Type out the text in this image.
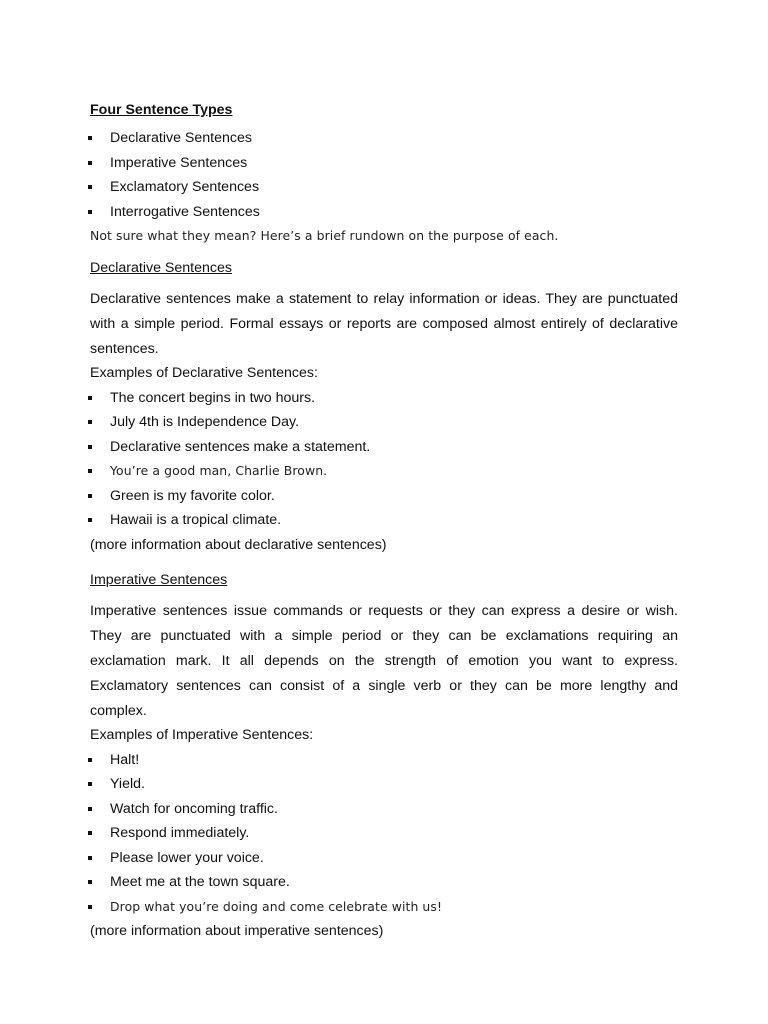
Four Sentence Types
Declarative Sentences
Imperative Sentences
Exclamatory Sentences
Interrogative Sentences

Not sure what they mean? Here’s a brief rundown on the purpose of each.

Declarative Sentences

Declarative sentences make a statement to relay information or ideas. They are punctuated with a simple period. Formal essays or reports are composed almost entirely of declarative sentences.

Examples of Declarative Sentences:

The concert begins in two hours.
July 4th is Independence Day.
Declarative sentences make a statement.
You’re a good man, Charlie Brown.
Green is my favorite color.
Hawaii is a tropical climate.

(more information about declarative sentences)

Imperative Sentences

Imperative sentences issue commands or requests or they can express a desire or wish. They are punctuated with a simple period or they can be exclamations requiring an exclamation mark. It all depends on the strength of emotion you want to express. Exclamatory sentences can consist of a single verb or they can be more lengthy and complex.

Examples of Imperative Sentences:

Halt!
Yield.
Watch for oncoming traffic.
Respond immediately.
Please lower your voice.
Meet me at the town square.
Drop what you’re doing and come celebrate with us!

(more information about imperative sentences)
